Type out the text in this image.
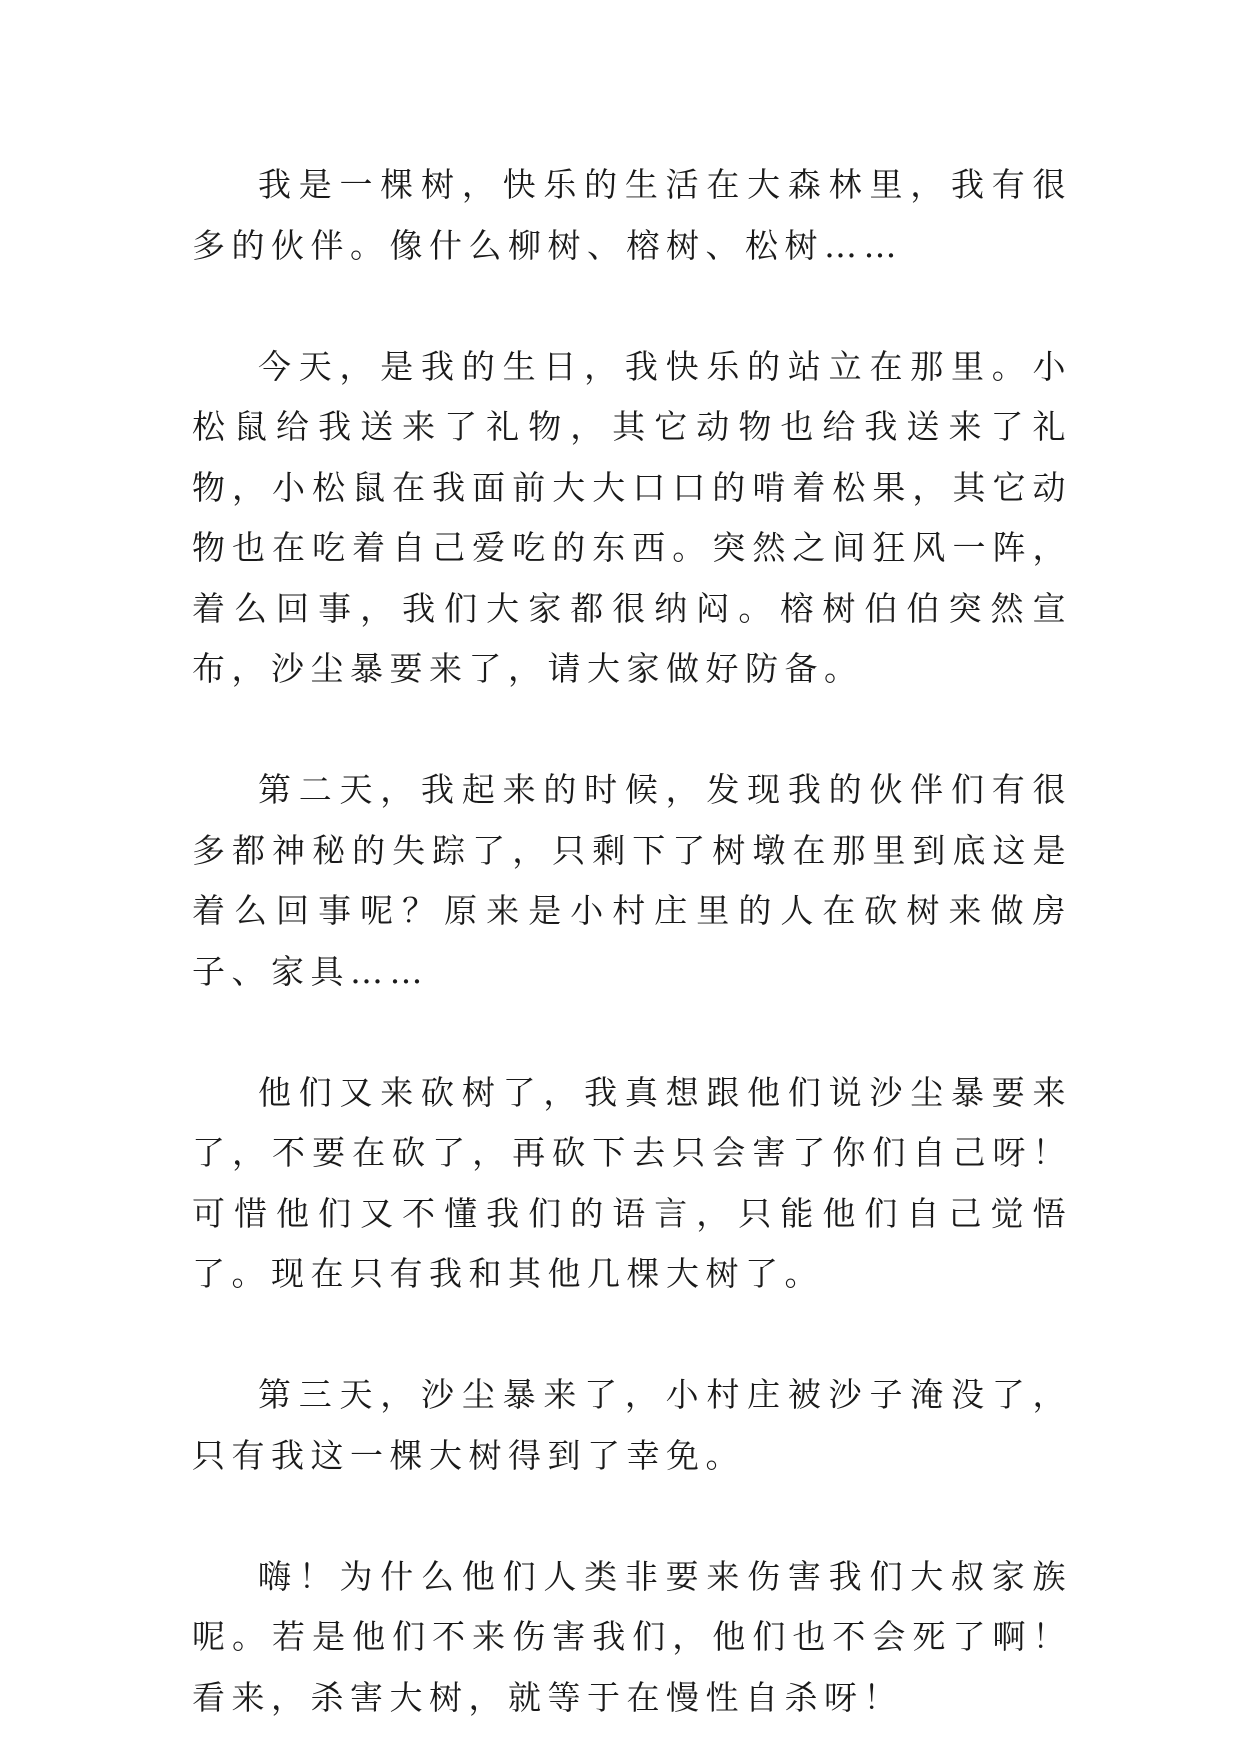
我是一棵树，快乐的生活在大森林里，我有很多的伙伴。像什么柳树、榕树、松树……

今天，是我的生日，我快乐的站立在那里。小松鼠给我送来了礼物，其它动物也给我送来了礼物，小松鼠在我面前大大口口的啃着松果，其它动物也在吃着自己爱吃的东西。突然之间狂风一阵，着么回事，我们大家都很纳闷。榕树伯伯突然宣布，沙尘暴要来了，请大家做好防备。

第二天，我起来的时候，发现我的伙伴们有很多都神秘的失踪了，只剩下了树墩在那里到底这是着么回事呢？原来是小村庄里的人在砍树来做房子、家具……

他们又来砍树了，我真想跟他们说沙尘暴要来了，不要在砍了，再砍下去只会害了你们自己呀！可惜他们又不懂我们的语言，只能他们自己觉悟了。现在只有我和其他几棵大树了。

第三天，沙尘暴来了，小村庄被沙子淹没了，只有我这一棵大树得到了幸免。

嗨！为什么他们人类非要来伤害我们大叔家族呢。若是他们不来伤害我们，他们也不会死了啊！看来，杀害大树，就等于在慢性自杀呀！
